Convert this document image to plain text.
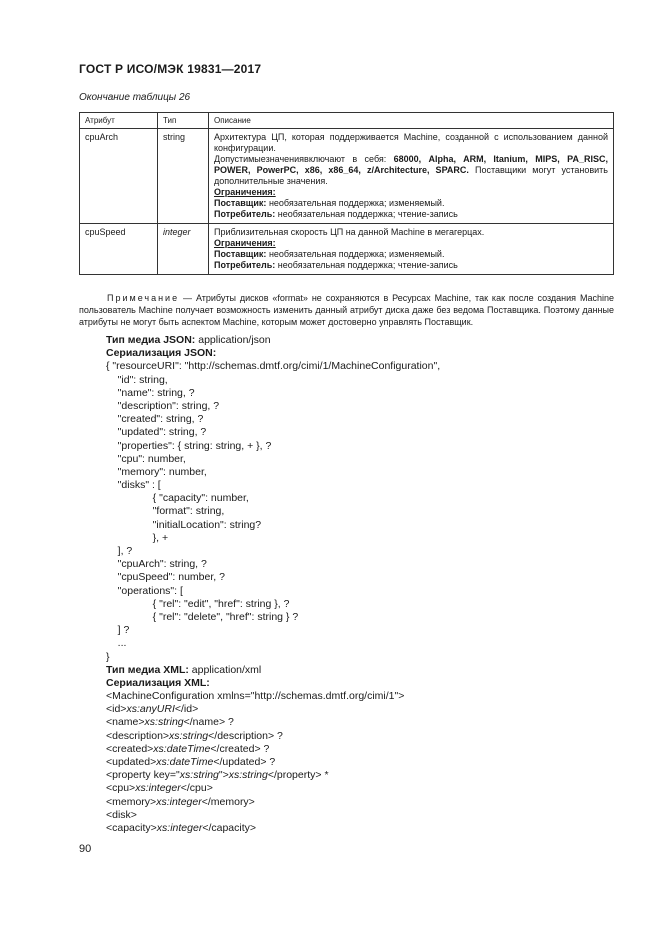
ГОСТ Р ИСО/МЭК 19831—2017
Окончание таблицы 26
Атрибут	Тип	Описание
cpuArch	string	Архитектура ЦП, которая поддерживается Machine, созданной с использованием данной конфигурации.
Допустимыезначениявключают в себя: 68000, Alpha, ARM, Itanium, MIPS, PA_RISC, POWER, PowerPC, x86, x86_64, z/Architecture, SPARC. Поставщики могут установить дополнительные значения.
Ограничения:
Поставщик: необязательная поддержка; изменяемый.
Потребитель: необязательная поддержка; чтение-запись

cpuSpeed	integer	Приблизительная скорость ЦП на данной Machine в мегагерцах.
Ограничения:
Поставщик: необязательная поддержка; изменяемый.
Потребитель: необязательная поддержка; чтение-запись
Примечание — Атрибуты дисков «format» не сохраняются в Ресурсах Machine, так как после создания Machine пользователь Machine получает возможность изменить данный атрибут диска даже без ведома Поставщика. Поэтому данные атрибуты не могут быть аспектом Machine, которым может достоверно управлять Поставщик.
Тип медиа JSON: application/json
Сериализация JSON:
{ "resourceURI": "http://schemas.dmtf.org/cimi/1/MachineConfiguration",
"id": string,
"name": string, ?
"description": string, ?
"created": string, ?
"updated": string, ?
"properties": { string: string, + }, ?
"cpu": number,
"memory": number,
"disks" : [
{ "capacity": number,
"format": string,
"initialLocation": string?
}, +
], ?
"cpuArch": string, ?
"cpuSpeed": number, ?
"operations": [
{ "rel": "edit", "href": string }, ?
{ "rel": "delete", "href": string } ?
] ?
...
}
Тип медиа XML: application/xml
Сериализация XML:
<MachineConfiguration xmlns="http://schemas.dmtf.org/cimi/1">
<id>xs:anyURI</id>
<name>xs:string</name> ?
<description>xs:string</description> ?
<created>xs:dateTime</created> ?
<updated>xs:dateTime</updated> ?
<property key="xs:string">xs:string</property> *
<cpu>xs:integer</cpu>
<memory>xs:integer</memory>
<disk>
<capacity>xs:integer</capacity>
90
